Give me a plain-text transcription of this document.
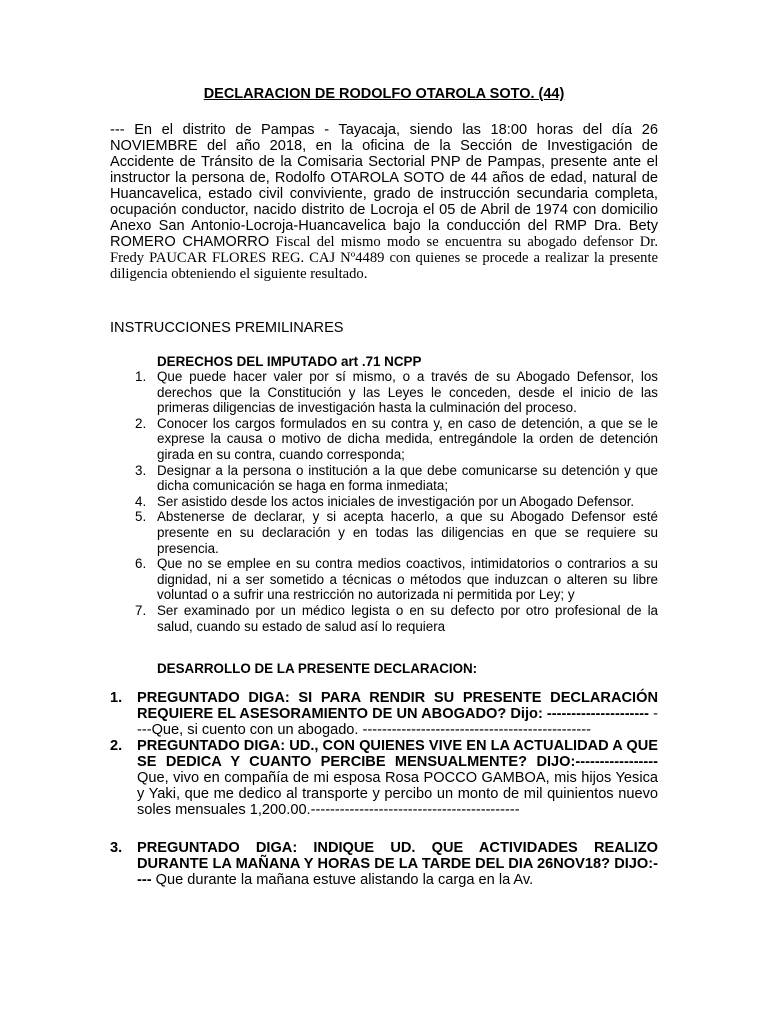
DECLARACION DE RODOLFO OTAROLA SOTO. (44)
--- En el distrito de Pampas - Tayacaja, siendo las 18:00 horas del día 26 NOVIEMBRE del año 2018, en la oficina de la Sección de Investigación de Accidente de Tránsito de la Comisaria Sectorial PNP de Pampas, presente ante el instructor la persona de, Rodolfo OTAROLA SOTO de 44 años de edad, natural de Huancavelica, estado civil conviviente, grado de instrucción secundaria completa, ocupación conductor, nacido distrito de Locroja el 05 de Abril de 1974 con domicilio Anexo San Antonio-Locroja-Huancavelica bajo la conducción del RMP Dra. Bety ROMERO CHAMORRO Fiscal del mismo modo se encuentra su abogado defensor Dr. Fredy PAUCAR FLORES REG. CAJ Nº4489 con quienes se procede a realizar la presente diligencia obteniendo el siguiente resultado.
INSTRUCCIONES PREMILINARES
DERECHOS DEL IMPUTADO art .71 NCPP
1. Que puede hacer valer por sí mismo, o a través de su Abogado Defensor, los derechos que la Constitución y las Leyes le conceden, desde el inicio de las primeras diligencias de investigación hasta la culminación del proceso.
2. Conocer los cargos formulados en su contra y, en caso de detención, a que se le exprese la causa o motivo de dicha medida, entregándole la orden de detención girada en su contra, cuando corresponda;
3. Designar a la persona o institución a la que debe comunicarse su detención y que dicha comunicación se haga en forma inmediata;
4. Ser asistido desde los actos iniciales de investigación por un Abogado Defensor.
5. Abstenerse de declarar, y si acepta hacerlo, a que su Abogado Defensor esté presente en su declaración y en todas las diligencias en que se requiere su presencia.
6. Que no se emplee en su contra medios coactivos, intimidatorios o contrarios a su dignidad, ni a ser sometido a técnicas o métodos que induzcan o alteren su libre voluntad o a sufrir una restricción no autorizada ni permitida por Ley; y
7. Ser examinado por un médico legista o en su defecto por otro profesional de la salud, cuando su estado de salud así lo requiera
DESARROLLO DE LA PRESENTE DECLARACION:
1. PREGUNTADO DIGA: SI PARA RENDIR SU PRESENTE DECLARACIÓN REQUIERE EL ASESORAMIENTO DE UN ABOGADO? Dijo: --------------------- ----Que, si cuento con un abogado. -----------------------------------------------
2. PREGUNTADO DIGA: UD., CON QUIENES VIVE EN LA ACTUALIDAD A QUE SE DEDICA Y CUANTO PERCIBE MENSUALMENTE? DIJO:----------------- Que, vivo en compañía de mi esposa Rosa POCCO GAMBOA, mis hijos Yesica y Yaki, que me dedico al transporte y percibo un monto de mil quinientos nuevo soles mensuales 1,200.00.-------------------------------------------
3. PREGUNTADO DIGA: INDIQUE UD. QUE ACTIVIDADES REALIZO DURANTE LA MAÑANA Y HORAS DE LA TARDE DEL DIA 26NOV18? DIJO:---- Que durante la mañana estuve alistando la carga en la Av.
